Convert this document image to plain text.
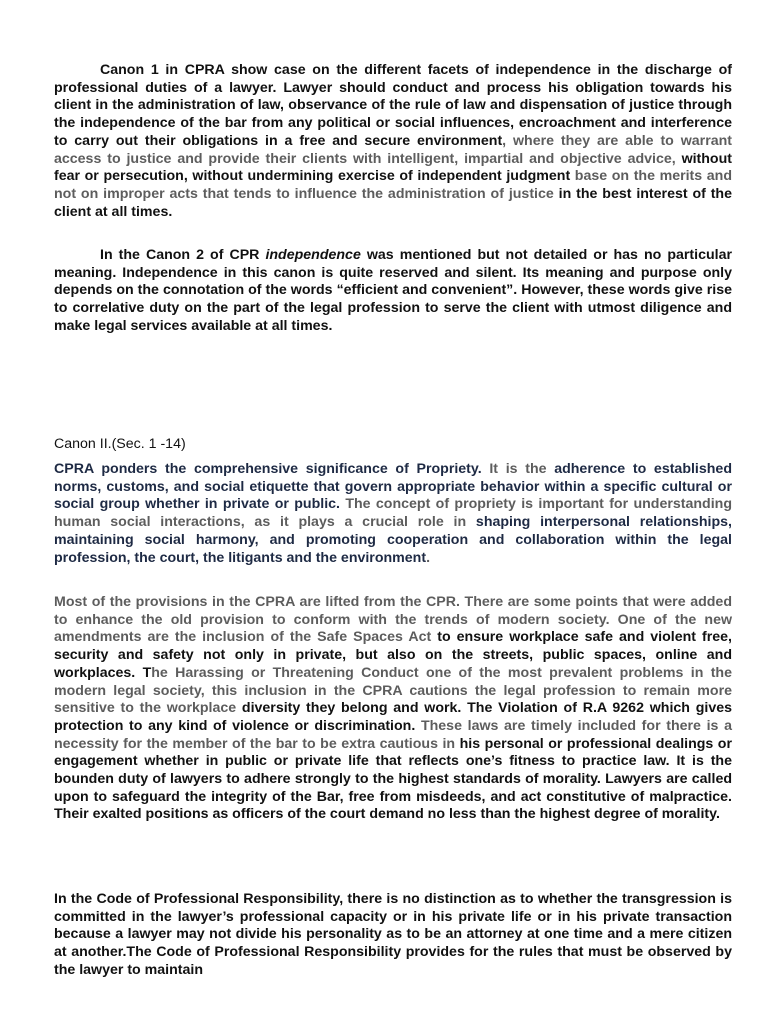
Canon 1 in CPRA show case on the different facets of independence in the discharge of professional duties of a lawyer. Lawyer should conduct and process his obligation towards his client in the administration of law, observance of the rule of law and dispensation of justice through the independence of the bar from any political or social influences, encroachment and interference to carry out their obligations in a free and secure environment, where they are able to warrant access to justice and provide their clients with intelligent, impartial and objective advice, without fear or persecution, without undermining exercise of independent judgment base on the merits and not on improper acts that tends to influence the administration of justice in the best interest of the client at all times.

In the Canon 2 of CPR independence was mentioned but not detailed or has no particular meaning. Independence in this canon is quite reserved and silent. Its meaning and purpose only depends on the connotation of the words “efficient and convenient”. However, these words give rise to correlative duty on the part of the legal profession to serve the client with utmost diligence and make legal services available at all times.

Canon II.(Sec. 1 -14)

CPRA ponders the comprehensive significance of Propriety. It is the adherence to established norms, customs, and social etiquette that govern appropriate behavior within a specific cultural or social group whether in private or public. The concept of propriety is important for understanding human social interactions, as it plays a crucial role in shaping interpersonal relationships, maintaining social harmony, and promoting cooperation and collaboration within the legal profession, the court, the litigants and the environment.

Most of the provisions in the CPRA are lifted from the CPR. There are some points that were added to enhance the old provision to conform with the trends of modern society. One of the new amendments are the inclusion of the Safe Spaces Act to ensure workplace safe and violent free, security and safety not only in private, but also on the streets, public spaces, online and workplaces. The Harassing or Threatening Conduct one of the most prevalent problems in the modern legal society, this inclusion in the CPRA cautions the legal profession to remain more sensitive to the workplace diversity they belong and work. The Violation of R.A 9262 which gives protection to any kind of violence or discrimination. These laws are timely included for there is a necessity for the member of the bar to be extra cautious in his personal or professional dealings or engagement whether in public or private life that reflects one’s fitness to practice law. It is the bounden duty of lawyers to adhere strongly to the highest standards of morality. Lawyers are called upon to safeguard the integrity of the Bar, free from misdeeds, and act constitutive of malpractice. Their exalted positions as officers of the court demand no less than the highest degree of morality.

In the Code of Professional Responsibility, there is no distinction as to whether the transgression is committed in the lawyer’s professional capacity or in his private life or in his private transaction because a lawyer may not divide his personality as to be an attorney at one time and a mere citizen at another.The Code of Professional Responsibility provides for the rules that must be observed by the lawyer to maintain
